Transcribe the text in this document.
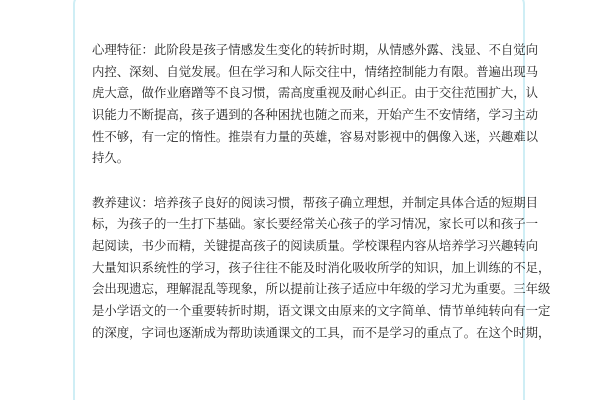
心理特征：此阶段是孩子情感发生变化的转折时期，从情感外露、浅显、不自觉向
内控、深刻、自觉发展。但在学习和人际交往中，情绪控制能力有限。普遍出现马
虎大意，做作业磨蹭等不良习惯，需高度重视及耐心纠正。由于交往范围扩大，认
识能力不断提高，孩子遇到的各种困扰也随之而来，开始产生不安情绪，学习主动
性不够，有一定的惰性。推崇有力量的英雄，容易对影视中的偶像入迷，兴趣难以
持久。
教养建议：培养孩子良好的阅读习惯，帮孩子确立理想，并制定具体合适的短期目
标，为孩子的一生打下基础。家长要经常关心孩子的学习情况，家长可以和孩子一
起阅读，书少而精，关键提高孩子的阅读质量。学校课程内容从培养学习兴趣转向
大量知识系统性的学习，孩子往往不能及时消化吸收所学的知识，加上训练的不足，
会出现遗忘，理解混乱等现象，所以提前让孩子适应中年级的学习尤为重要。三年级
是小学语文的一个重要转折时期，语文课文由原来的文字简单、情节单纯转向有一定
的深度，字词也逐渐成为帮助读通课文的工具，而不是学习的重点了。在这个时期，
